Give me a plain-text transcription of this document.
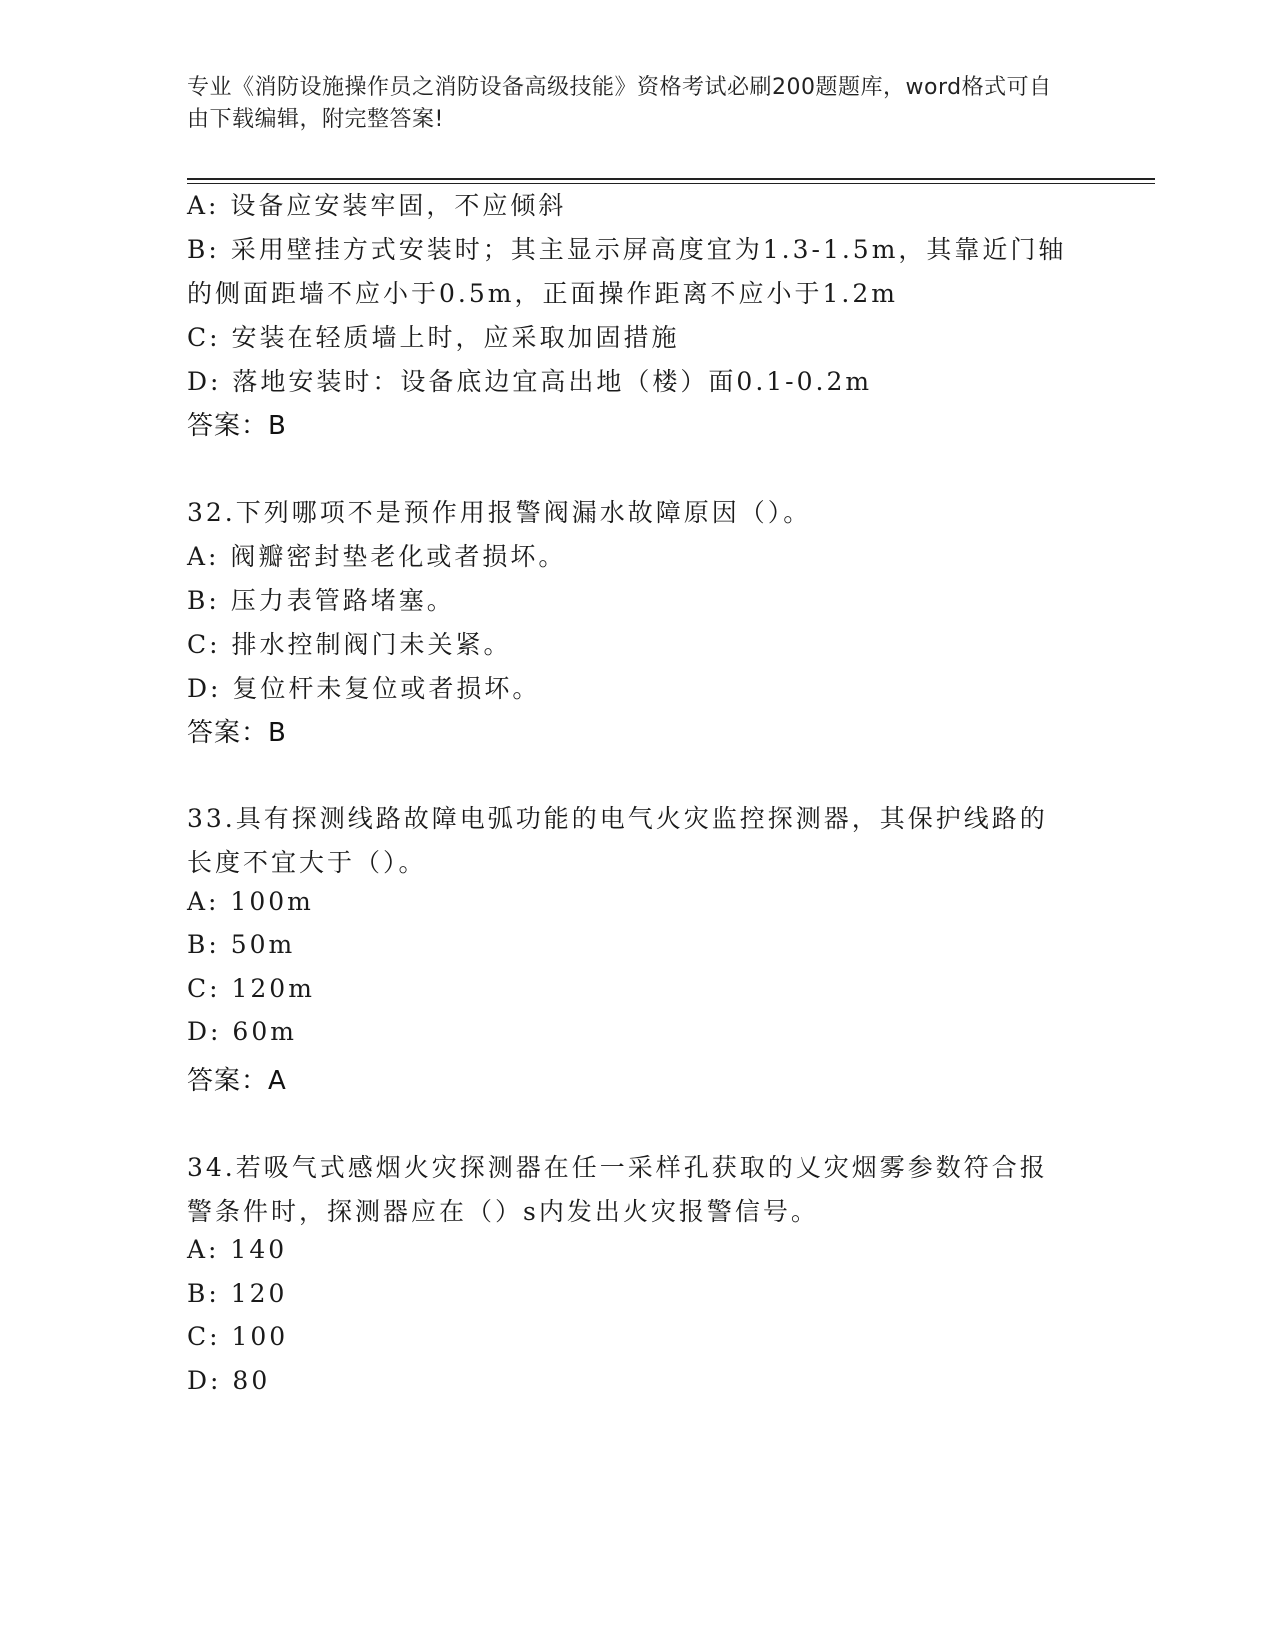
专业《消防设施操作员之消防设备高级技能》资格考试必刷200题题库，word格式可自由下载编辑，附完整答案!
A: 设备应安装牢固，不应倾斜
B: 采用壁挂方式安装时；其主显示屏高度宜为1.3-1.5m，其靠近门轴
的侧面距墙不应小于0.5m，正面操作距离不应小于1.2m
C: 安装在轻质墙上时，应采取加固措施
D: 落地安装时：设备底边宜高出地（楼）面0.1-0.2m
答案：B
32.下列哪项不是预作用报警阀漏水故障原因（）。
A: 阀瓣密封垫老化或者损坏。
B: 压力表管路堵塞。
C: 排水控制阀门未关紧。
D: 复位杆未复位或者损坏。
答案：B
33.具有探测线路故障电弧功能的电气火灾监控探测器，其保护线路的
长度不宜大于（）。
A: 100m
B: 50m
C: 120m
D: 60m
答案：A
34.若吸气式感烟火灾探测器在任一采样孔获取的乂灾烟雾参数符合报
警条件时，探测器应在（）s内发出火灾报警信号。
A: 140
B: 120
C: 100
D: 80
